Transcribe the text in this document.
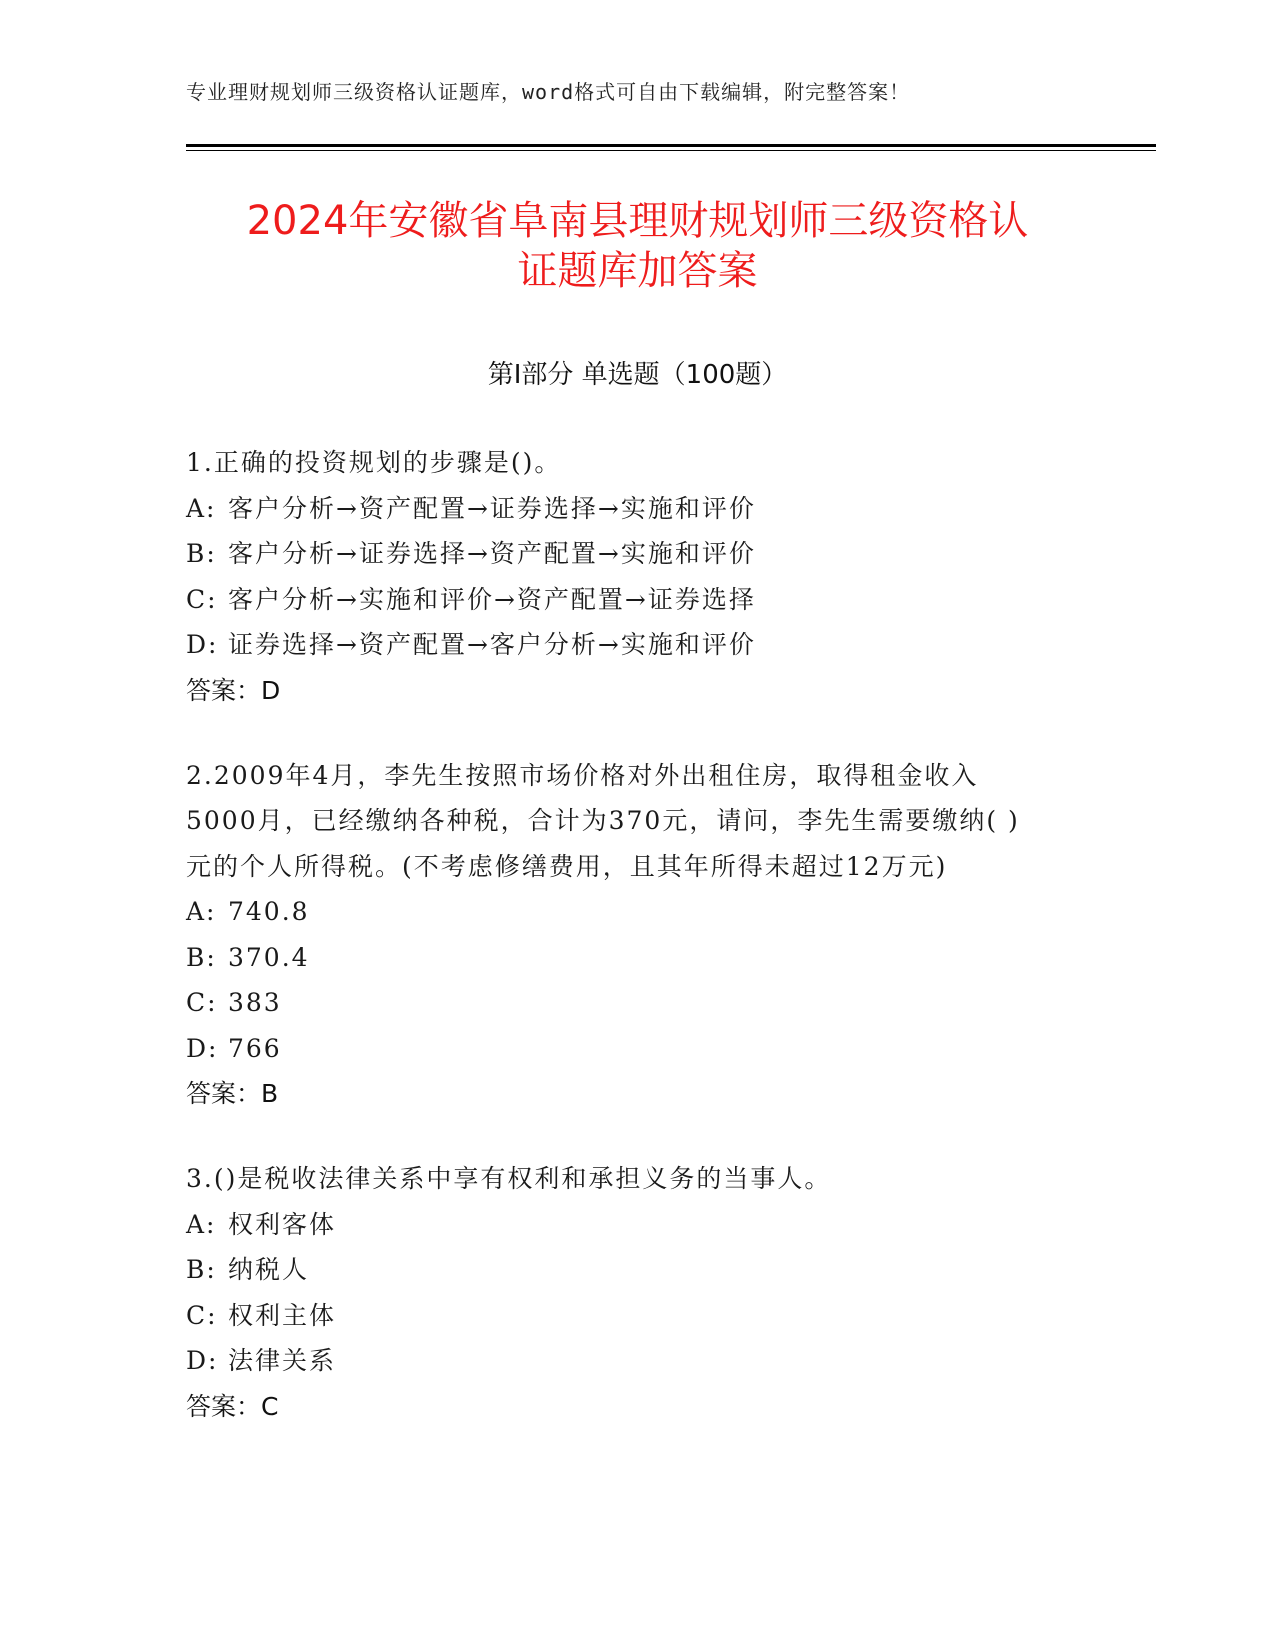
专业理财规划师三级资格认证题库，word格式可自由下载编辑，附完整答案！
2024年安徽省阜南县理财规划师三级资格认
证题库加答案
第Ⅰ部分 单选题（100题）
1.正确的投资规划的步骤是()。
A: 客户分析→资产配置→证券选择→实施和评价
B: 客户分析→证券选择→资产配置→实施和评价
C: 客户分析→实施和评价→资产配置→证券选择
D: 证券选择→资产配置→客户分析→实施和评价
答案：D
2.2009年4月，李先生按照市场价格对外出租住房，取得租金收入
5000月，已经缴纳各种税，合计为370元，请问，李先生需要缴纳( )
元的个人所得税。(不考虑修缮费用，且其年所得未超过12万元)
A: 740.8
B: 370.4
C: 383
D: 766
答案：B
3.()是税收法律关系中享有权利和承担义务的当事人。
A: 权利客体
B: 纳税人
C: 权利主体
D: 法律关系
答案：C
